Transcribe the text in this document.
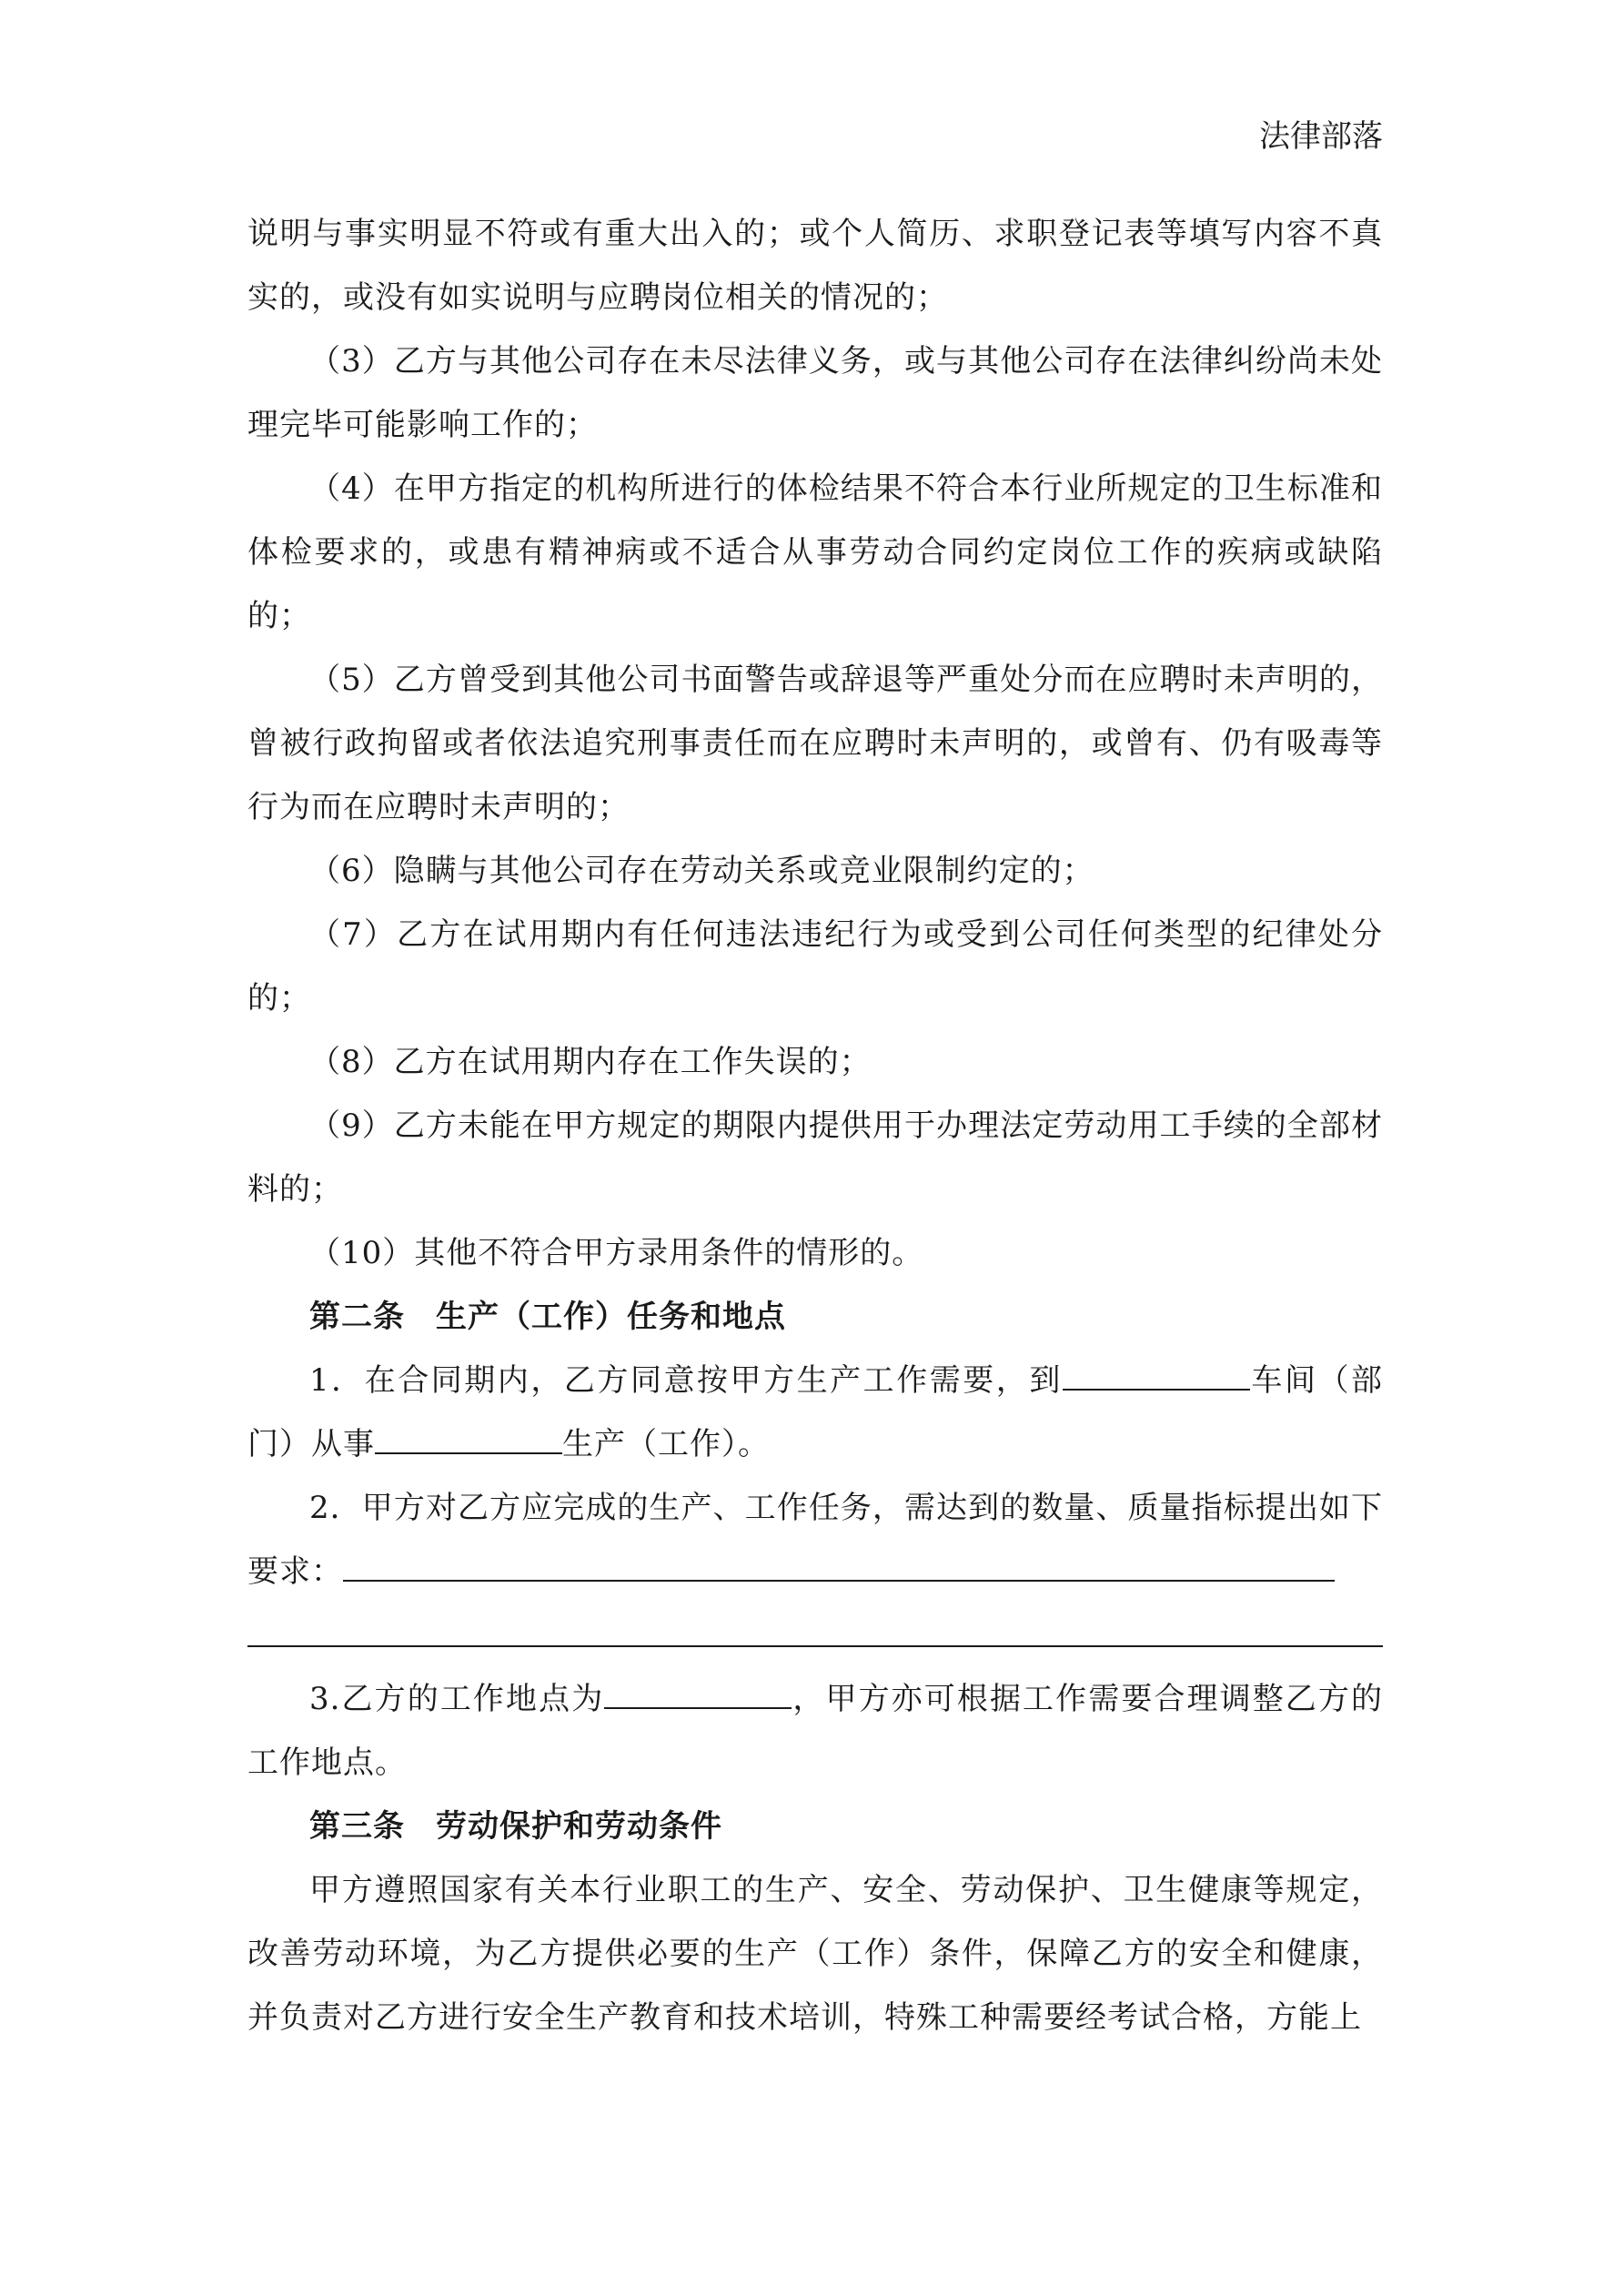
法律部落

说明与事实明显不符或有重大出入的；或个人简历、求职登记表等填写内容不真实的，或没有如实说明与应聘岗位相关的情况的；

（3）乙方与其他公司存在未尽法律义务，或与其他公司存在法律纠纷尚未处理完毕可能影响工作的；

（4）在甲方指定的机构所进行的体检结果不符合本行业所规定的卫生标准和体检要求的，或患有精神病或不适合从事劳动合同约定岗位工作的疾病或缺陷的；

（5）乙方曾受到其他公司书面警告或辞退等严重处分而在应聘时未声明的，曾被行政拘留或者依法追究刑事责任而在应聘时未声明的，或曾有、仍有吸毒等行为而在应聘时未声明的；

（6）隐瞒与其他公司存在劳动关系或竞业限制约定的；

（7）乙方在试用期内有任何违法违纪行为或受到公司任何类型的纪律处分的；

（8）乙方在试用期内存在工作失误的；

（9）乙方未能在甲方规定的期限内提供用于办理法定劳动用工手续的全部材料的；

（10）其他不符合甲方录用条件的情形的。

第二条 生产（工作）任务和地点

1．在合同期内，乙方同意按甲方生产工作需要，到	车间（部门）从事	生产（工作）。

2．甲方对乙方应完成的生产、工作任务，需达到的数量、质量指标提出如下要求：

3.乙方的工作地点为	，甲方亦可根据工作需要合理调整乙方的工作地点。

第三条 劳动保护和劳动条件

甲方遵照国家有关本行业职工的生产、安全、劳动保护、卫生健康等规定，改善劳动环境，为乙方提供必要的生产（工作）条件，保障乙方的安全和健康，并负责对乙方进行安全生产教育和技术培训，特殊工种需要经考试合格，方能上
